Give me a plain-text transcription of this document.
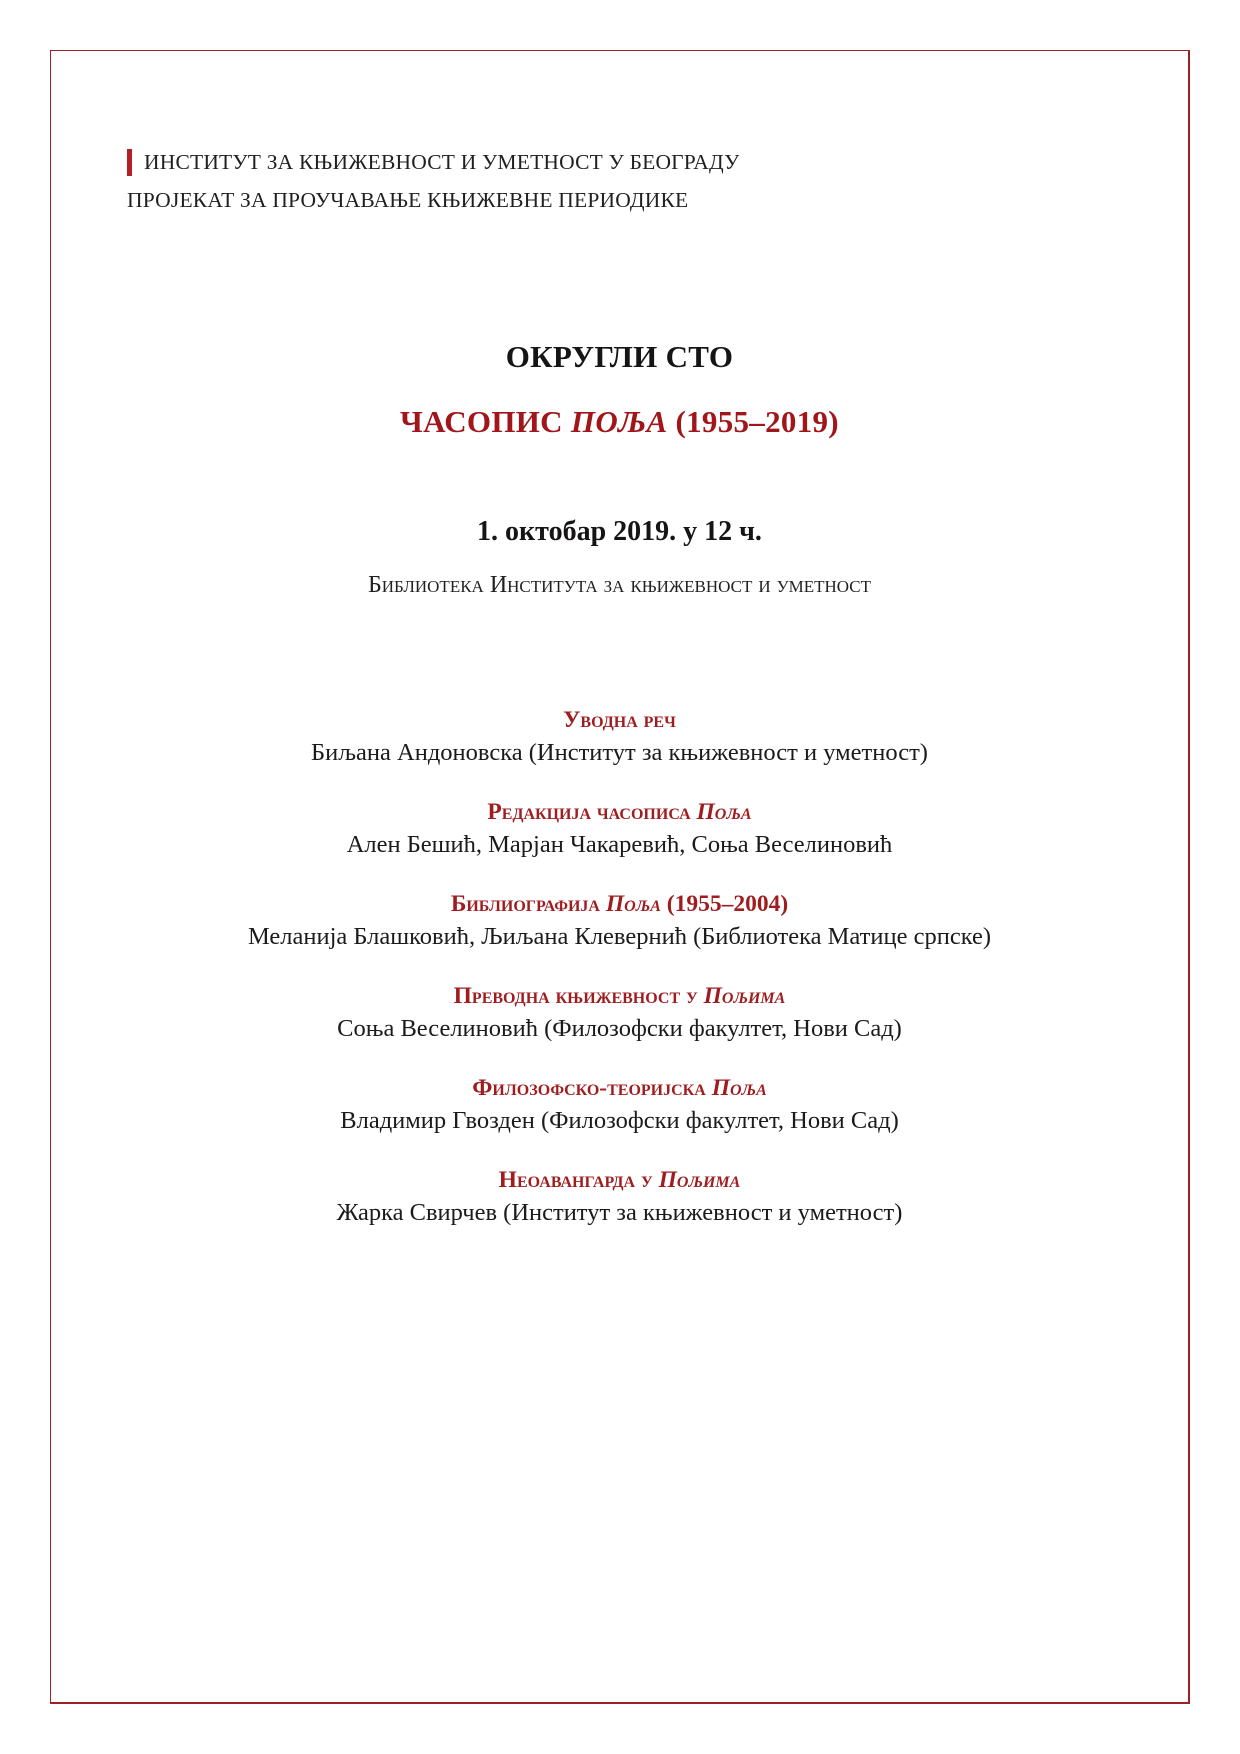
ИНСТИТУТ ЗА КЊИЖЕВНОСТ И УМЕТНОСТ У БЕОГРАДУ
ПРОЈЕКАТ ЗА ПРОУЧАВАЊЕ КЊИЖЕВНЕ ПЕРИОДИКЕ
ОКРУГЛИ СТО
ЧАСОПИС ПОЉА (1955–2019)
1. октобар 2019. у 12 ч.
Библиотека Института за књижевност и уметност
Уводна реч
Биљана Андоновска (Институт за књижевност и уметност)
Редакција часописа Поља
Ален Бешић, Марјан Чакаревић, Соња Веселиновић
Библиографија Поља (1955–2004)
Меланија Блашковић, Љиљана Клевернић (Библиотека Матице српске)
Преводна књижевност у Пољима
Соња Веселиновић (Филозофски факултет, Нови Сад)
Филозофско-теоријска Поља
Владимир Гвозден (Филозофски факултет, Нови Сад)
Неоавангарда у Пољима
Жарка Свирчев (Институт за књижевност и уметност)
